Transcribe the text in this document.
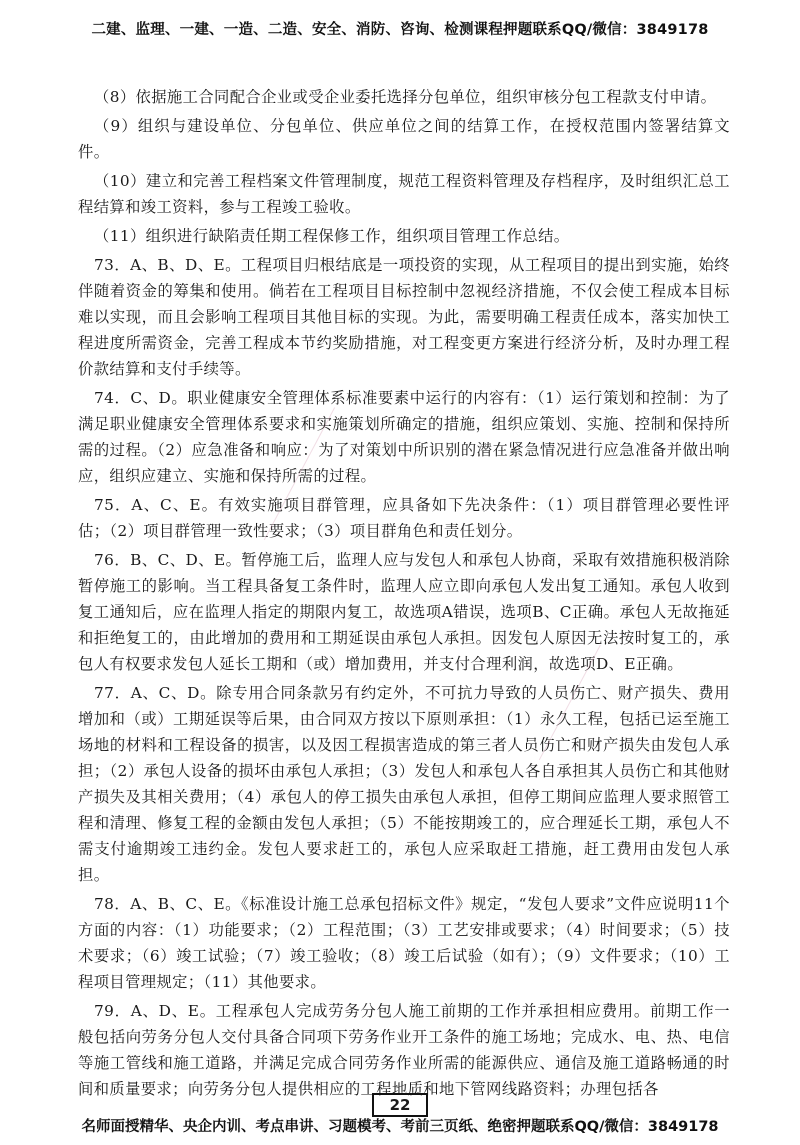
二建、监理、一建、一造、二造、安全、消防、咨询、检测课程押题联系QQ/微信：3849178

（8）依据施工合同配合企业或受企业委托选择分包单位，组织审核分包工程款支付申请。

（9）组织与建设单位、分包单位、供应单位之间的结算工作，在授权范围内签署结算文件。

（10）建立和完善工程档案文件管理制度，规范工程资料管理及存档程序，及时组织汇总工程结算和竣工资料，参与工程竣工验收。

（11）组织进行缺陷责任期工程保修工作，组织项目管理工作总结。

73．A、B、D、E。工程项目归根结底是一项投资的实现，从工程项目的提出到实施，始终伴随着资金的筹集和使用。倘若在工程项目目标控制中忽视经济措施，不仅会使工程成本目标难以实现，而且会影响工程项目其他目标的实现。为此，需要明确工程责任成本，落实加快工程进度所需资金，完善工程成本节约奖励措施，对工程变更方案进行经济分析，及时办理工程价款结算和支付手续等。

74．C、D。职业健康安全管理体系标准要素中运行的内容有：（1）运行策划和控制：为了满足职业健康安全管理体系要求和实施策划所确定的措施，组织应策划、实施、控制和保持所需的过程。（2）应急准备和响应：为了对策划中所识别的潜在紧急情况进行应急准备并做出响应，组织应建立、实施和保持所需的过程。

75．A、C、E。有效实施项目群管理，应具备如下先决条件：（1）项目群管理必要性评估；（2）项目群管理一致性要求；（3）项目群角色和责任划分。

76．B、C、D、E。暂停施工后，监理人应与发包人和承包人协商，采取有效措施积极消除暂停施工的影响。当工程具备复工条件时，监理人应立即向承包人发出复工通知。承包人收到复工通知后，应在监理人指定的期限内复工，故选项A错误，选项B、C正确。承包人无故拖延和拒绝复工的，由此增加的费用和工期延误由承包人承担。因发包人原因无法按时复工的，承包人有权要求发包人延长工期和（或）增加费用，并支付合理利润，故选项D、E正确。

77．A、C、D。除专用合同条款另有约定外，不可抗力导致的人员伤亡、财产损失、费用增加和（或）工期延误等后果，由合同双方按以下原则承担：（1）永久工程，包括已运至施工场地的材料和工程设备的损害，以及因工程损害造成的第三者人员伤亡和财产损失由发包人承担；（2）承包人设备的损坏由承包人承担；（3）发包人和承包人各自承担其人员伤亡和其他财产损失及其相关费用；（4）承包人的停工损失由承包人承担，但停工期间应监理人要求照管工程和清理、修复工程的金额由发包人承担；（5）不能按期竣工的，应合理延长工期，承包人不需支付逾期竣工违约金。发包人要求赶工的，承包人应采取赶工措施，赶工费用由发包人承担。

78．A、B、C、E。《标准设计施工总承包招标文件》规定，“发包人要求”文件应说明11个方面的内容：（1）功能要求；（2）工程范围；（3）工艺安排或要求；（4）时间要求；（5）技术要求；（6）竣工试验；（7）竣工验收；（8）竣工后试验（如有）；（9）文件要求；（10）工程项目管理规定；（11）其他要求。

79．A、D、E。工程承包人完成劳务分包人施工前期的工作并承担相应费用。前期工作一般包括向劳务分包人交付具备合同项下劳务作业开工条件的施工场地；完成水、电、热、电信等施工管线和施工道路，并满足完成合同劳务作业所需的能源供应、通信及施工道路畅通的时间和质量要求；向劳务分包人提供相应的工程地质和地下管网线路资料；办理包括各

22
名师面授精华、央企内训、考点串讲、习题模考、考前三页纸、绝密押题联系QQ/微信：3849178
